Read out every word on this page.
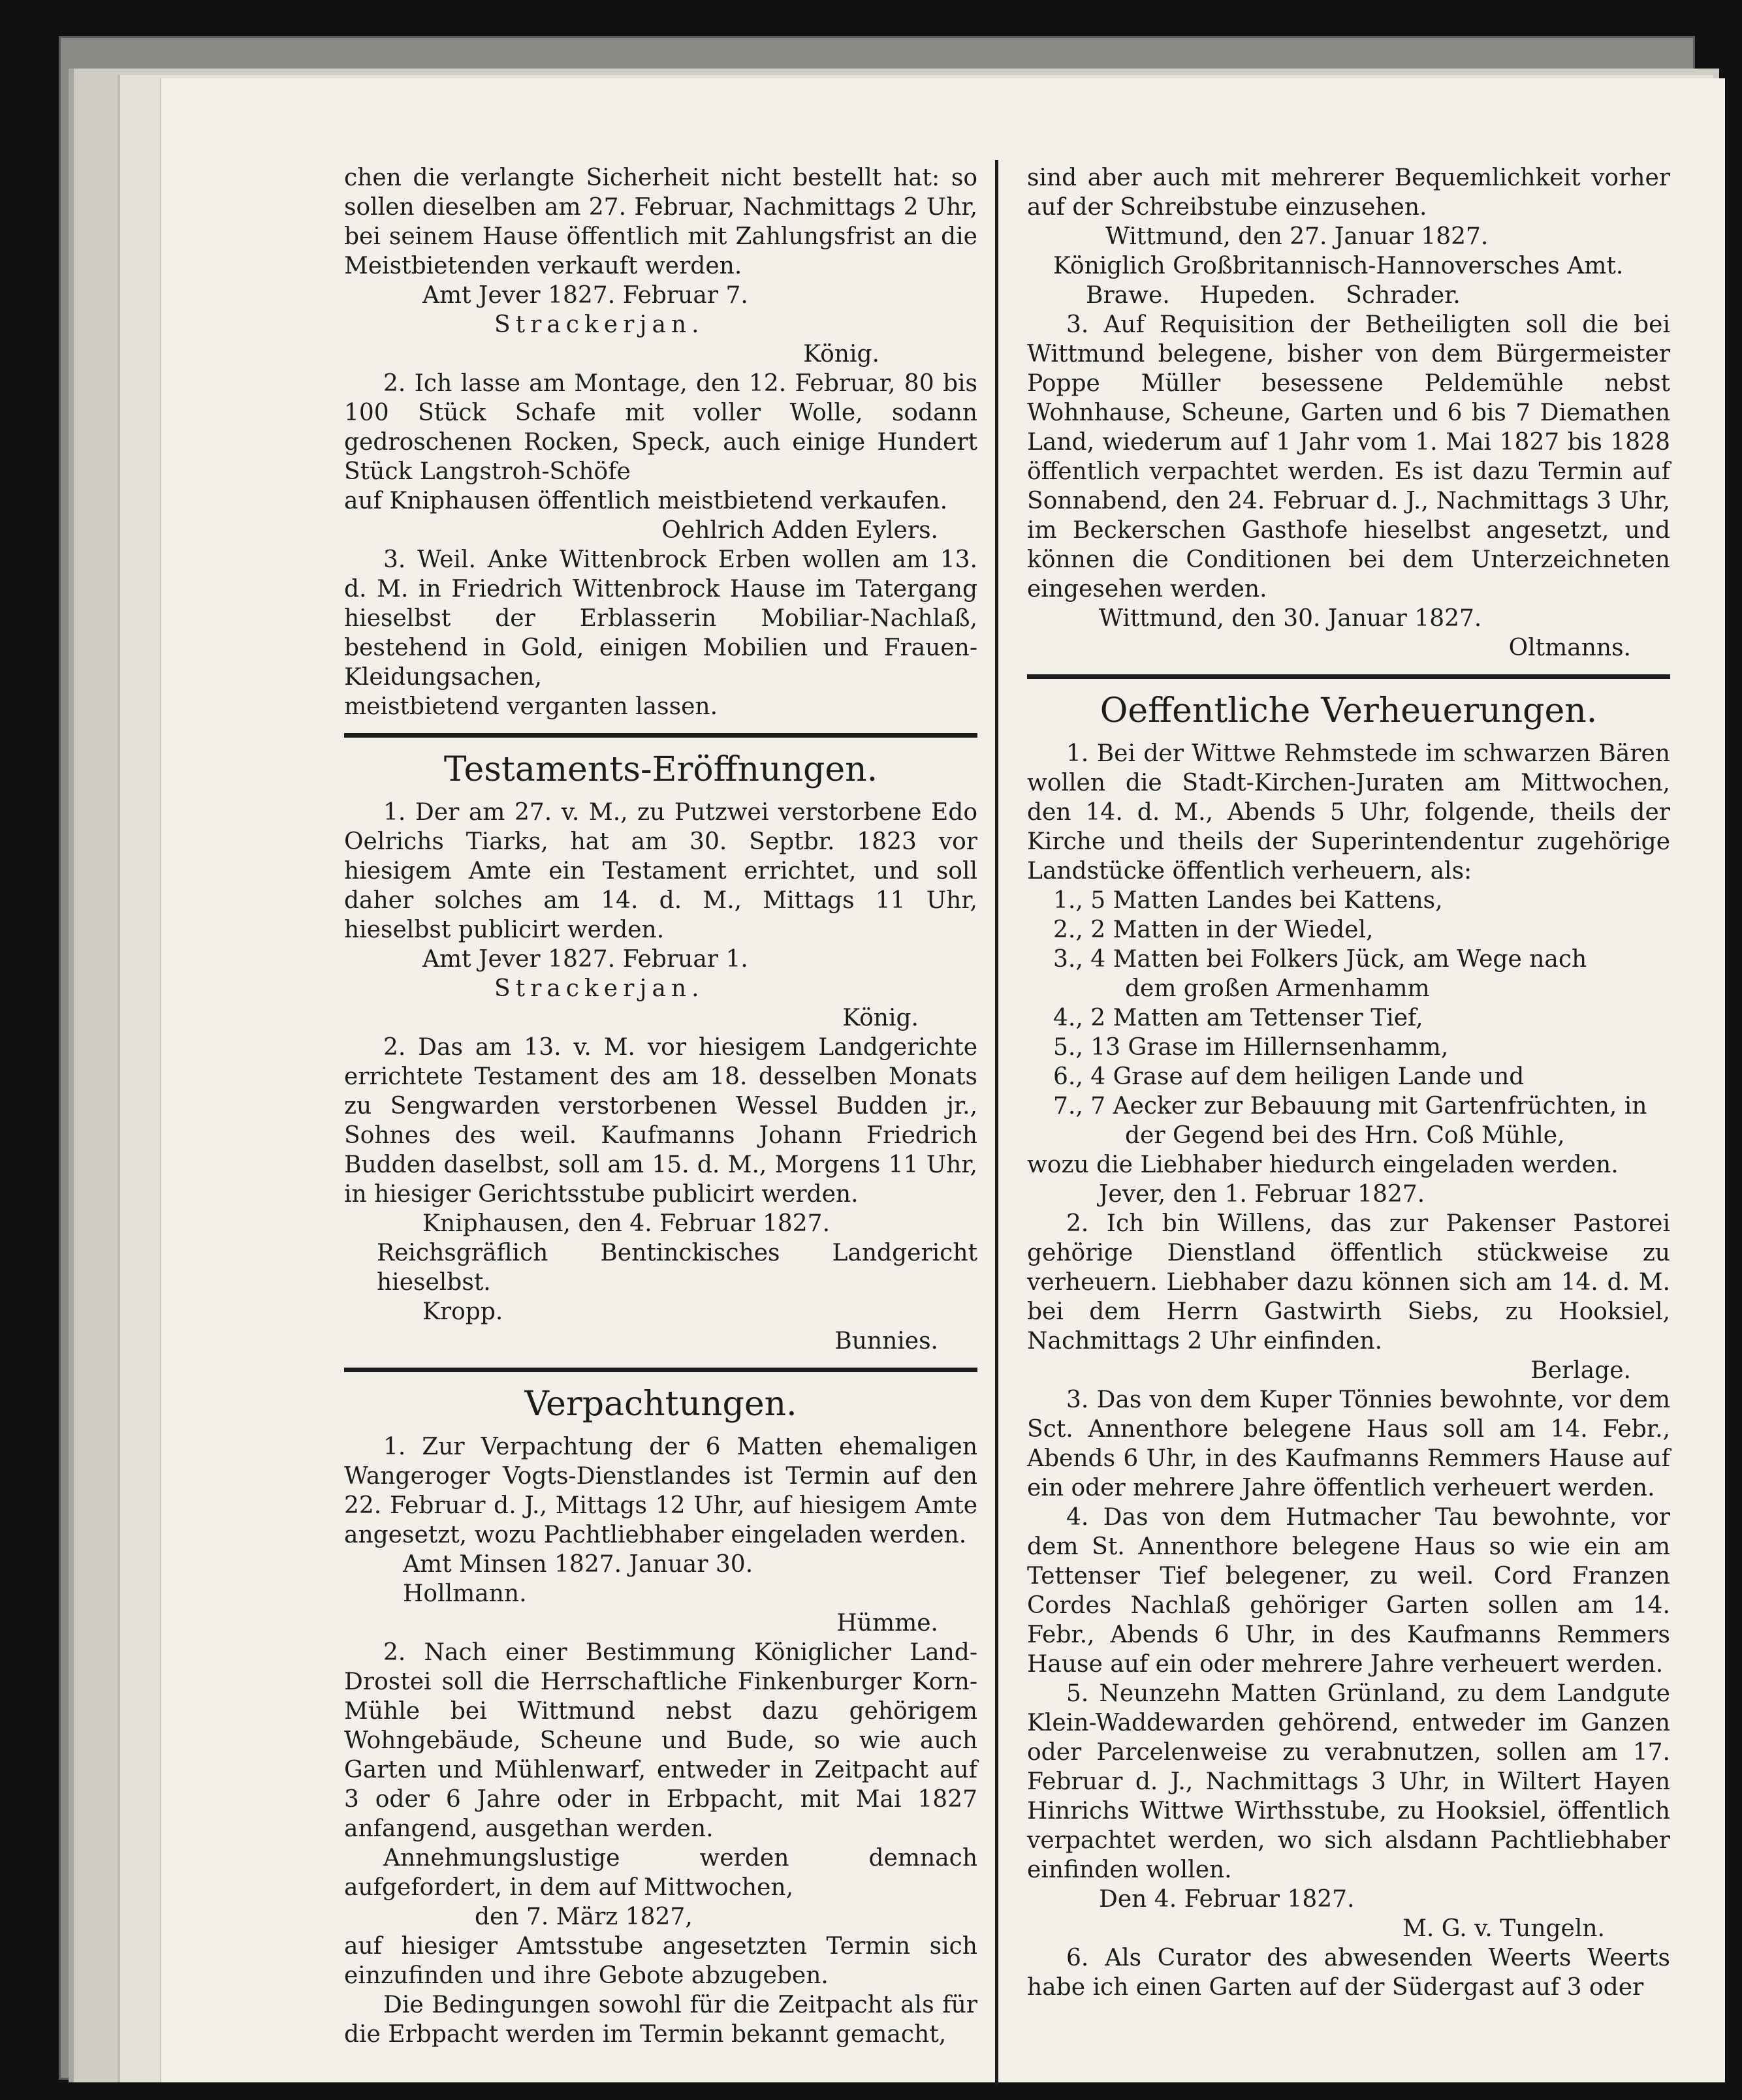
chen die verlangte Sicherheit nicht bestellt hat: so sollen dieselben am 27. Februar, Nachmittags 2 Uhr, bei seinem Hause öffentlich mit Zahlungsfrist an die Meistbietenden verkauft werden.

Amt Jever 1827. Februar 7.

Strackerjan.

König.

2. Ich lasse am Montage, den 12. Februar, 80 bis 100 Stück Schafe mit voller Wolle, sodann gedroschenen Rocken, Speck, auch einige Hundert Stück Langstroh-Schöfe

auf Kniphausen öffentlich meistbietend verkaufen.

Oehlrich Adden Eylers.

3. Weil. Anke Wittenbrock Erben wollen am 13. d. M. in Friedrich Wittenbrock Hause im Tatergang hieselbst der Erblasserin Mobiliar-Nachlaß, bestehend in Gold, einigen Mobilien und Frauen-Kleidungsachen,

meistbietend verganten lassen.

Testaments-Eröffnungen.

1. Der am 27. v. M., zu Putzwei verstorbene Edo Oelrichs Tiarks, hat am 30. Septbr. 1823 vor hiesigem Amte ein Testament errichtet, und soll daher solches am 14. d. M., Mittags 11 Uhr, hieselbst publicirt werden.

Amt Jever 1827. Februar 1.

Strackerjan.

König.

2. Das am 13. v. M. vor hiesigem Landgerichte errichtete Testament des am 18. desselben Monats zu Sengwarden verstorbenen Wessel Budden jr., Sohnes des weil. Kaufmanns Johann Friedrich Budden daselbst, soll am 15. d. M., Morgens 11 Uhr, in hiesiger Gerichtsstube publicirt werden.

Kniphausen, den 4. Februar 1827.

Reichsgräflich Bentinckisches Landgericht hieselbst.

Kropp.

Bunnies.

Verpachtungen.

1. Zur Verpachtung der 6 Matten ehemaligen Wangeroger Vogts-Dienstlandes ist Termin auf den 22. Februar d. J., Mittags 12 Uhr, auf hiesigem Amte angesetzt, wozu Pachtliebhaber eingeladen werden.

Amt Minsen 1827. Januar 30.

Hollmann.

Hümme.

2. Nach einer Bestimmung Königlicher Land-Drostei soll die Herrschaftliche Finkenburger Korn-Mühle bei Wittmund nebst dazu gehörigem Wohngebäude, Scheune und Bude, so wie auch Garten und Mühlenwarf, entweder in Zeitpacht auf 3 oder 6 Jahre oder in Erbpacht, mit Mai 1827 anfangend, ausgethan werden.

Annehmungslustige werden demnach aufgefordert, in dem auf Mittwochen,

den 7. März 1827,

auf hiesiger Amtsstube angesetzten Termin sich einzufinden und ihre Gebote abzugeben.

Die Bedingungen sowohl für die Zeitpacht als für die Erbpacht werden im Termin bekannt gemacht,

sind aber auch mit mehrerer Bequemlichkeit vorher auf der Schreibstube einzusehen.

Wittmund, den 27. Januar 1827.

Königlich Großbritannisch-Hannoversches Amt.

Brawe.    Hupeden.    Schrader.

3. Auf Requisition der Betheiligten soll die bei Wittmund belegene, bisher von dem Bürgermeister Poppe Müller besessene Peldemühle nebst Wohnhause, Scheune, Garten und 6 bis 7 Diemathen Land, wiederum auf 1 Jahr vom 1. Mai 1827 bis 1828 öffentlich verpachtet werden. Es ist dazu Termin auf Sonnabend, den 24. Februar d. J., Nachmittags 3 Uhr, im Beckerschen Gasthofe hieselbst angesetzt, und können die Conditionen bei dem Unterzeichneten eingesehen werden.

Wittmund, den 30. Januar 1827.

Oltmanns.

Oeffentliche Verheuerungen.

1. Bei der Wittwe Rehmstede im schwarzen Bären wollen die Stadt-Kirchen-Juraten am Mittwochen, den 14. d. M., Abends 5 Uhr, folgende, theils der Kirche und theils der Superintendentur zugehörige Landstücke öffentlich verheuern, als:

1., 5 Matten Landes bei Kattens,

2., 2 Matten in der Wiedel,

3., 4 Matten bei Folkers Jück, am Wege nach

dem großen Armenhamm

4., 2 Matten am Tettenser Tief,

5., 13 Grase im Hillernsenhamm,

6., 4 Grase auf dem heiligen Lande und

7., 7 Aecker zur Bebauung mit Gartenfrüchten, in

der Gegend bei des Hrn. Coß Mühle,

wozu die Liebhaber hiedurch eingeladen werden.

Jever, den 1. Februar 1827.

2. Ich bin Willens, das zur Pakenser Pastorei gehörige Dienstland öffentlich stückweise zu verheuern. Liebhaber dazu können sich am 14. d. M. bei dem Herrn Gastwirth Siebs, zu Hooksiel, Nachmittags 2 Uhr einfinden.

Berlage.

3. Das von dem Kuper Tönnies bewohnte, vor dem Sct. Annenthore belegene Haus soll am 14. Febr., Abends 6 Uhr, in des Kaufmanns Remmers Hause auf ein oder mehrere Jahre öffentlich verheuert werden.

4. Das von dem Hutmacher Tau bewohnte, vor dem St. Annenthore belegene Haus so wie ein am Tettenser Tief belegener, zu weil. Cord Franzen Cordes Nachlaß gehöriger Garten sollen am 14. Febr., Abends 6 Uhr, in des Kaufmanns Remmers Hause auf ein oder mehrere Jahre verheuert werden.

5. Neunzehn Matten Grünland, zu dem Landgute Klein-Waddewarden gehörend, entweder im Ganzen oder Parcelenweise zu verabnutzen, sollen am 17. Februar d. J., Nachmittags 3 Uhr, in Wiltert Hayen Hinrichs Wittwe Wirthsstube, zu Hooksiel, öffentlich verpachtet werden, wo sich alsdann Pachtliebhaber einfinden wollen.

Den 4. Februar 1827.

M. G. v. Tungeln.

6. Als Curator des abwesenden Weerts Weerts habe ich einen Garten auf der Südergast auf 3 oder
